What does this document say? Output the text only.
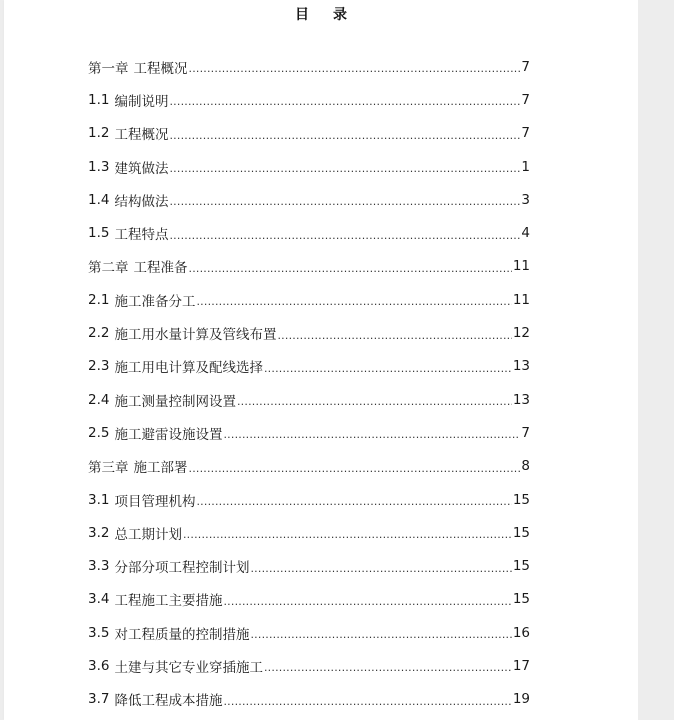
目 录
第一章 工程概况 .....	7
1.1 编制说明 .....	7
1.2 工程概况 .....	7
1.3 建筑做法 .....	1
1.4 结构做法 .....	3
1.5 工程特点 .....	4
第二章 工程准备 .....	11
2.1 施工准备分工 .....	11
2.2 施工用水量计算及管线布置 .....	12
2.3 施工用电计算及配线选择 .....	13
2.4 施工测量控制网设置 .....	13
2.5 施工避雷设施设置 .....	7
第三章 施工部署 .....	8
3.1 项目管理机构 .....	15
3.2 总工期计划 .....	15
3.3 分部分项工程控制计划 .....	15
3.4 工程施工主要措施 .....	15
3.5 对工程质量的控制措施 .....	16
3.6 土建与其它专业穿插施工 .....	17
3.7 降低工程成本措施 .....	19
